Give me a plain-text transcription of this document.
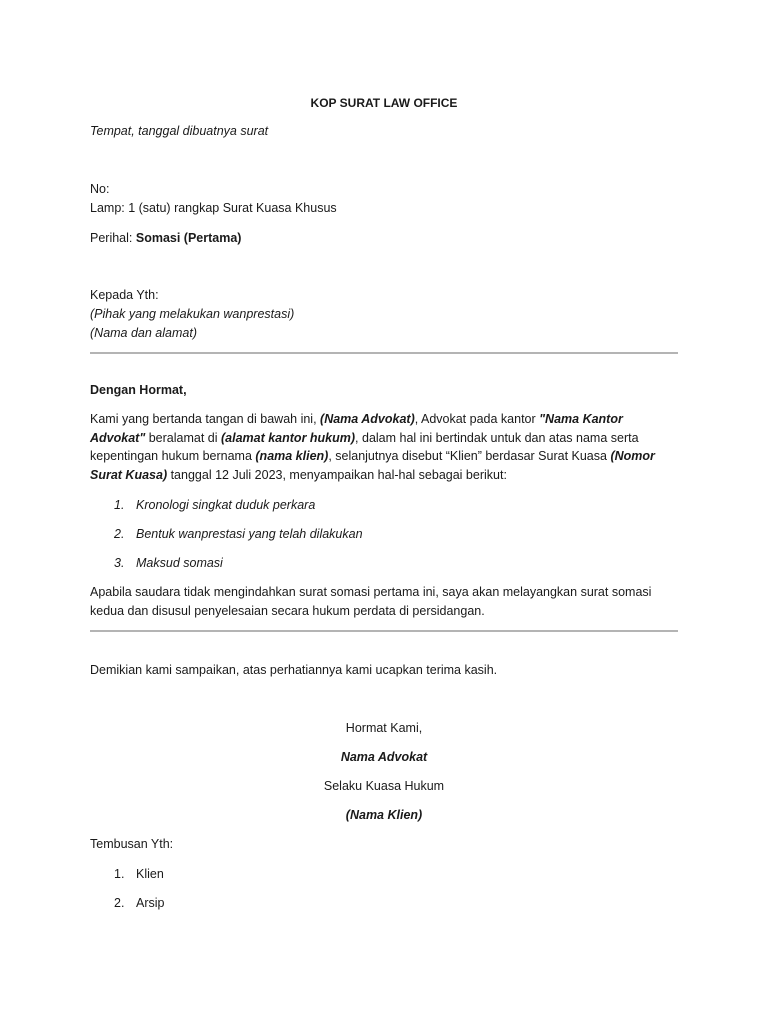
KOP SURAT LAW OFFICE

Tempat, tanggal dibuatnya surat

No:

Lamp: 1 (satu) rangkap Surat Kuasa Khusus

Perihal: Somasi (Pertama)

Kepada Yth:

(Pihak yang melakukan wanprestasi)

(Nama dan alamat)

Dengan Hormat,

Kami yang bertanda tangan di bawah ini, (Nama Advokat), Advokat pada kantor "Nama Kantor Advokat" beralamat di (alamat kantor hukum), dalam hal ini bertindak untuk dan atas nama serta kepentingan hukum bernama (nama klien), selanjutnya disebut “Klien” berdasar Surat Kuasa (Nomor Surat Kuasa) tanggal 12 Juli 2023, menyampaikan hal-hal sebagai berikut:

1. Kronologi singkat duduk perkara

2. Bentuk wanprestasi yang telah dilakukan

3. Maksud somasi

Apabila saudara tidak mengindahkan surat somasi pertama ini, saya akan melayangkan surat somasi kedua dan disusul penyelesaian secara hukum perdata di persidangan.

Demikian kami sampaikan, atas perhatiannya kami ucapkan terima kasih.

Hormat Kami,

Nama Advokat

Selaku Kuasa Hukum

(Nama Klien)

Tembusan Yth:

1. Klien

2. Arsip
